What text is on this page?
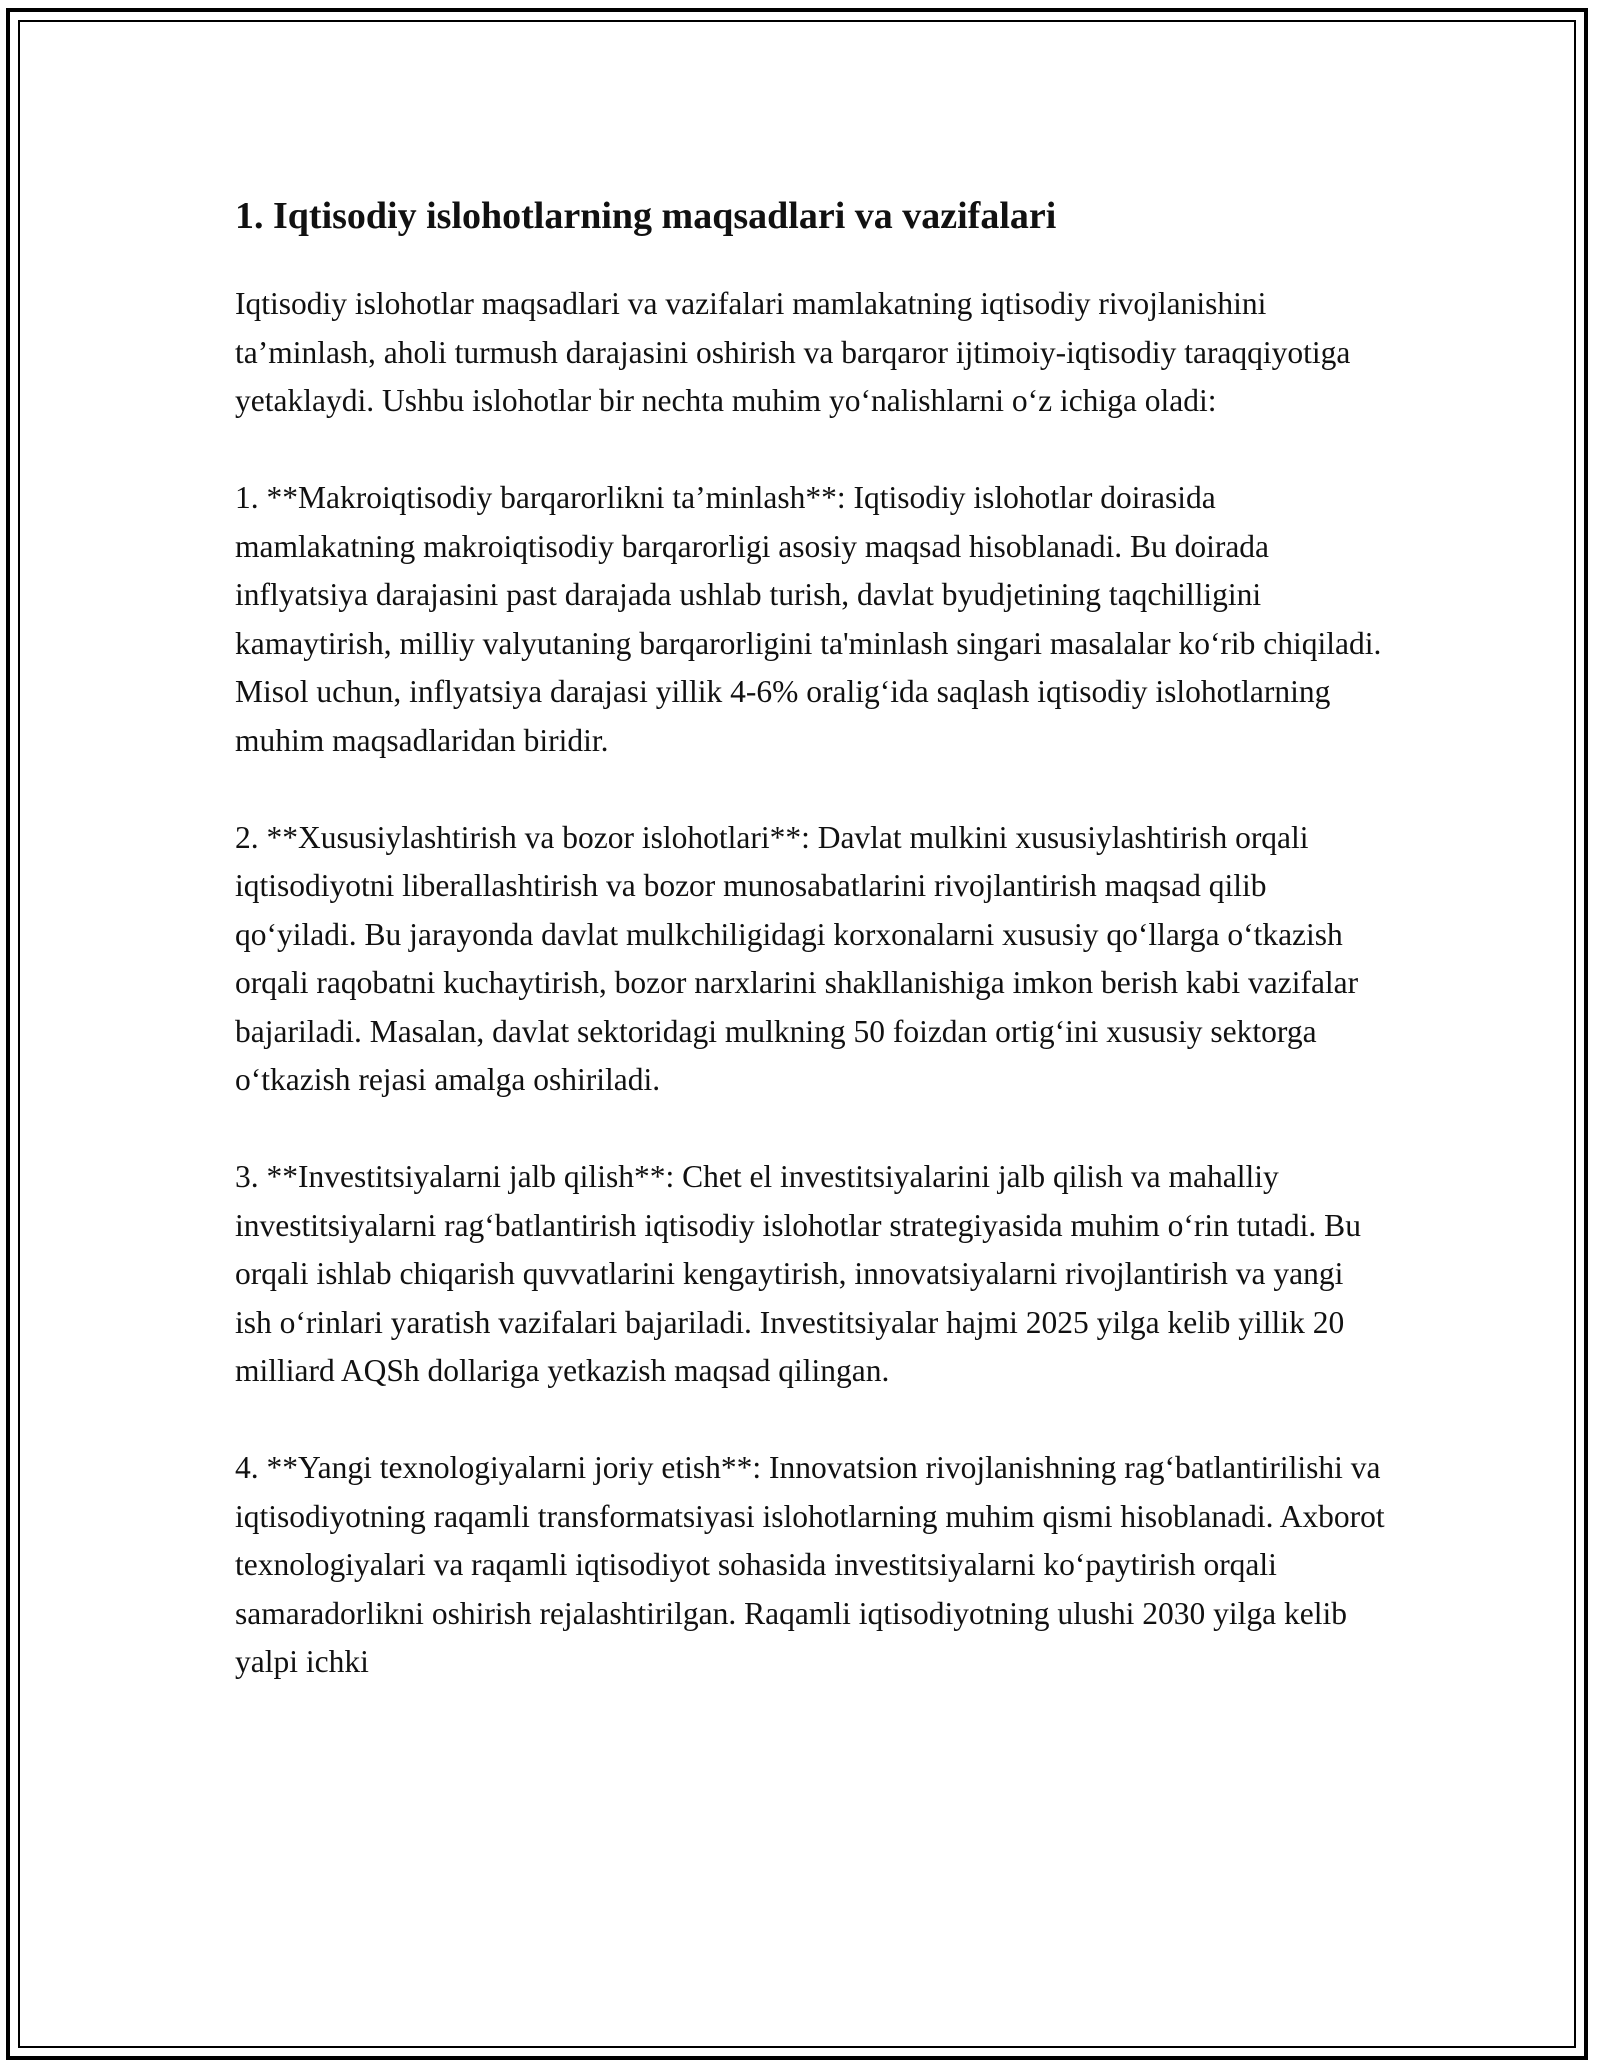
1. Iqtisodiy islohotlarning maqsadlari va vazifalari

Iqtisodiy islohotlar maqsadlari va vazifalari mamlakatning iqtisodiy rivojlanishini ta’minlash, aholi turmush darajasini oshirish va barqaror ijtimoiy-iqtisodiy taraqqiyotiga yetaklaydi. Ushbu islohotlar bir nechta muhim yo‘nalishlarni o‘z ichiga oladi:

1. **Makroiqtisodiy barqarorlikni ta’minlash**: Iqtisodiy islohotlar doirasida mamlakatning makroiqtisodiy barqarorligi asosiy maqsad hisoblanadi. Bu doirada inflyatsiya darajasini past darajada ushlab turish, davlat byudjetining taqchilligini kamaytirish, milliy valyutaning barqarorligini ta'minlash singari masalalar ko‘rib chiqiladi. Misol uchun, inflyatsiya darajasi yillik 4-6% oralig‘ida saqlash iqtisodiy islohotlarning muhim maqsadlaridan biridir.

2. **Xususiylashtirish va bozor islohotlari**: Davlat mulkini xususiylashtirish orqali iqtisodiyotni liberallashtirish va bozor munosabatlarini rivojlantirish maqsad qilib qo‘yiladi. Bu jarayonda davlat mulkchiligidagi korxonalarni xususiy qo‘llarga o‘tkazish orqali raqobatni kuchaytirish, bozor narxlarini shakllanishiga imkon berish kabi vazifalar bajariladi. Masalan, davlat sektoridagi mulkning 50 foizdan ortig‘ini xususiy sektorga o‘tkazish rejasi amalga oshiriladi.

3. **Investitsiyalarni jalb qilish**: Chet el investitsiyalarini jalb qilish va mahalliy investitsiyalarni rag‘batlantirish iqtisodiy islohotlar strategiyasida muhim o‘rin tutadi. Bu orqali ishlab chiqarish quvvatlarini kengaytirish, innovatsiyalarni rivojlantirish va yangi ish o‘rinlari yaratish vazifalari bajariladi. Investitsiyalar hajmi 2025 yilga kelib yillik 20 milliard AQSh dollariga yetkazish maqsad qilingan.

4. **Yangi texnologiyalarni joriy etish**: Innovatsion rivojlanishning rag‘batlantirilishi va iqtisodiyotning raqamli transformatsiyasi islohotlarning muhim qismi hisoblanadi. Axborot texnologiyalari va raqamli iqtisodiyot sohasida investitsiyalarni ko‘paytirish orqali samaradorlikni oshirish rejalashtirilgan. Raqamli iqtisodiyotning ulushi 2030 yilga kelib yalpi ichki
